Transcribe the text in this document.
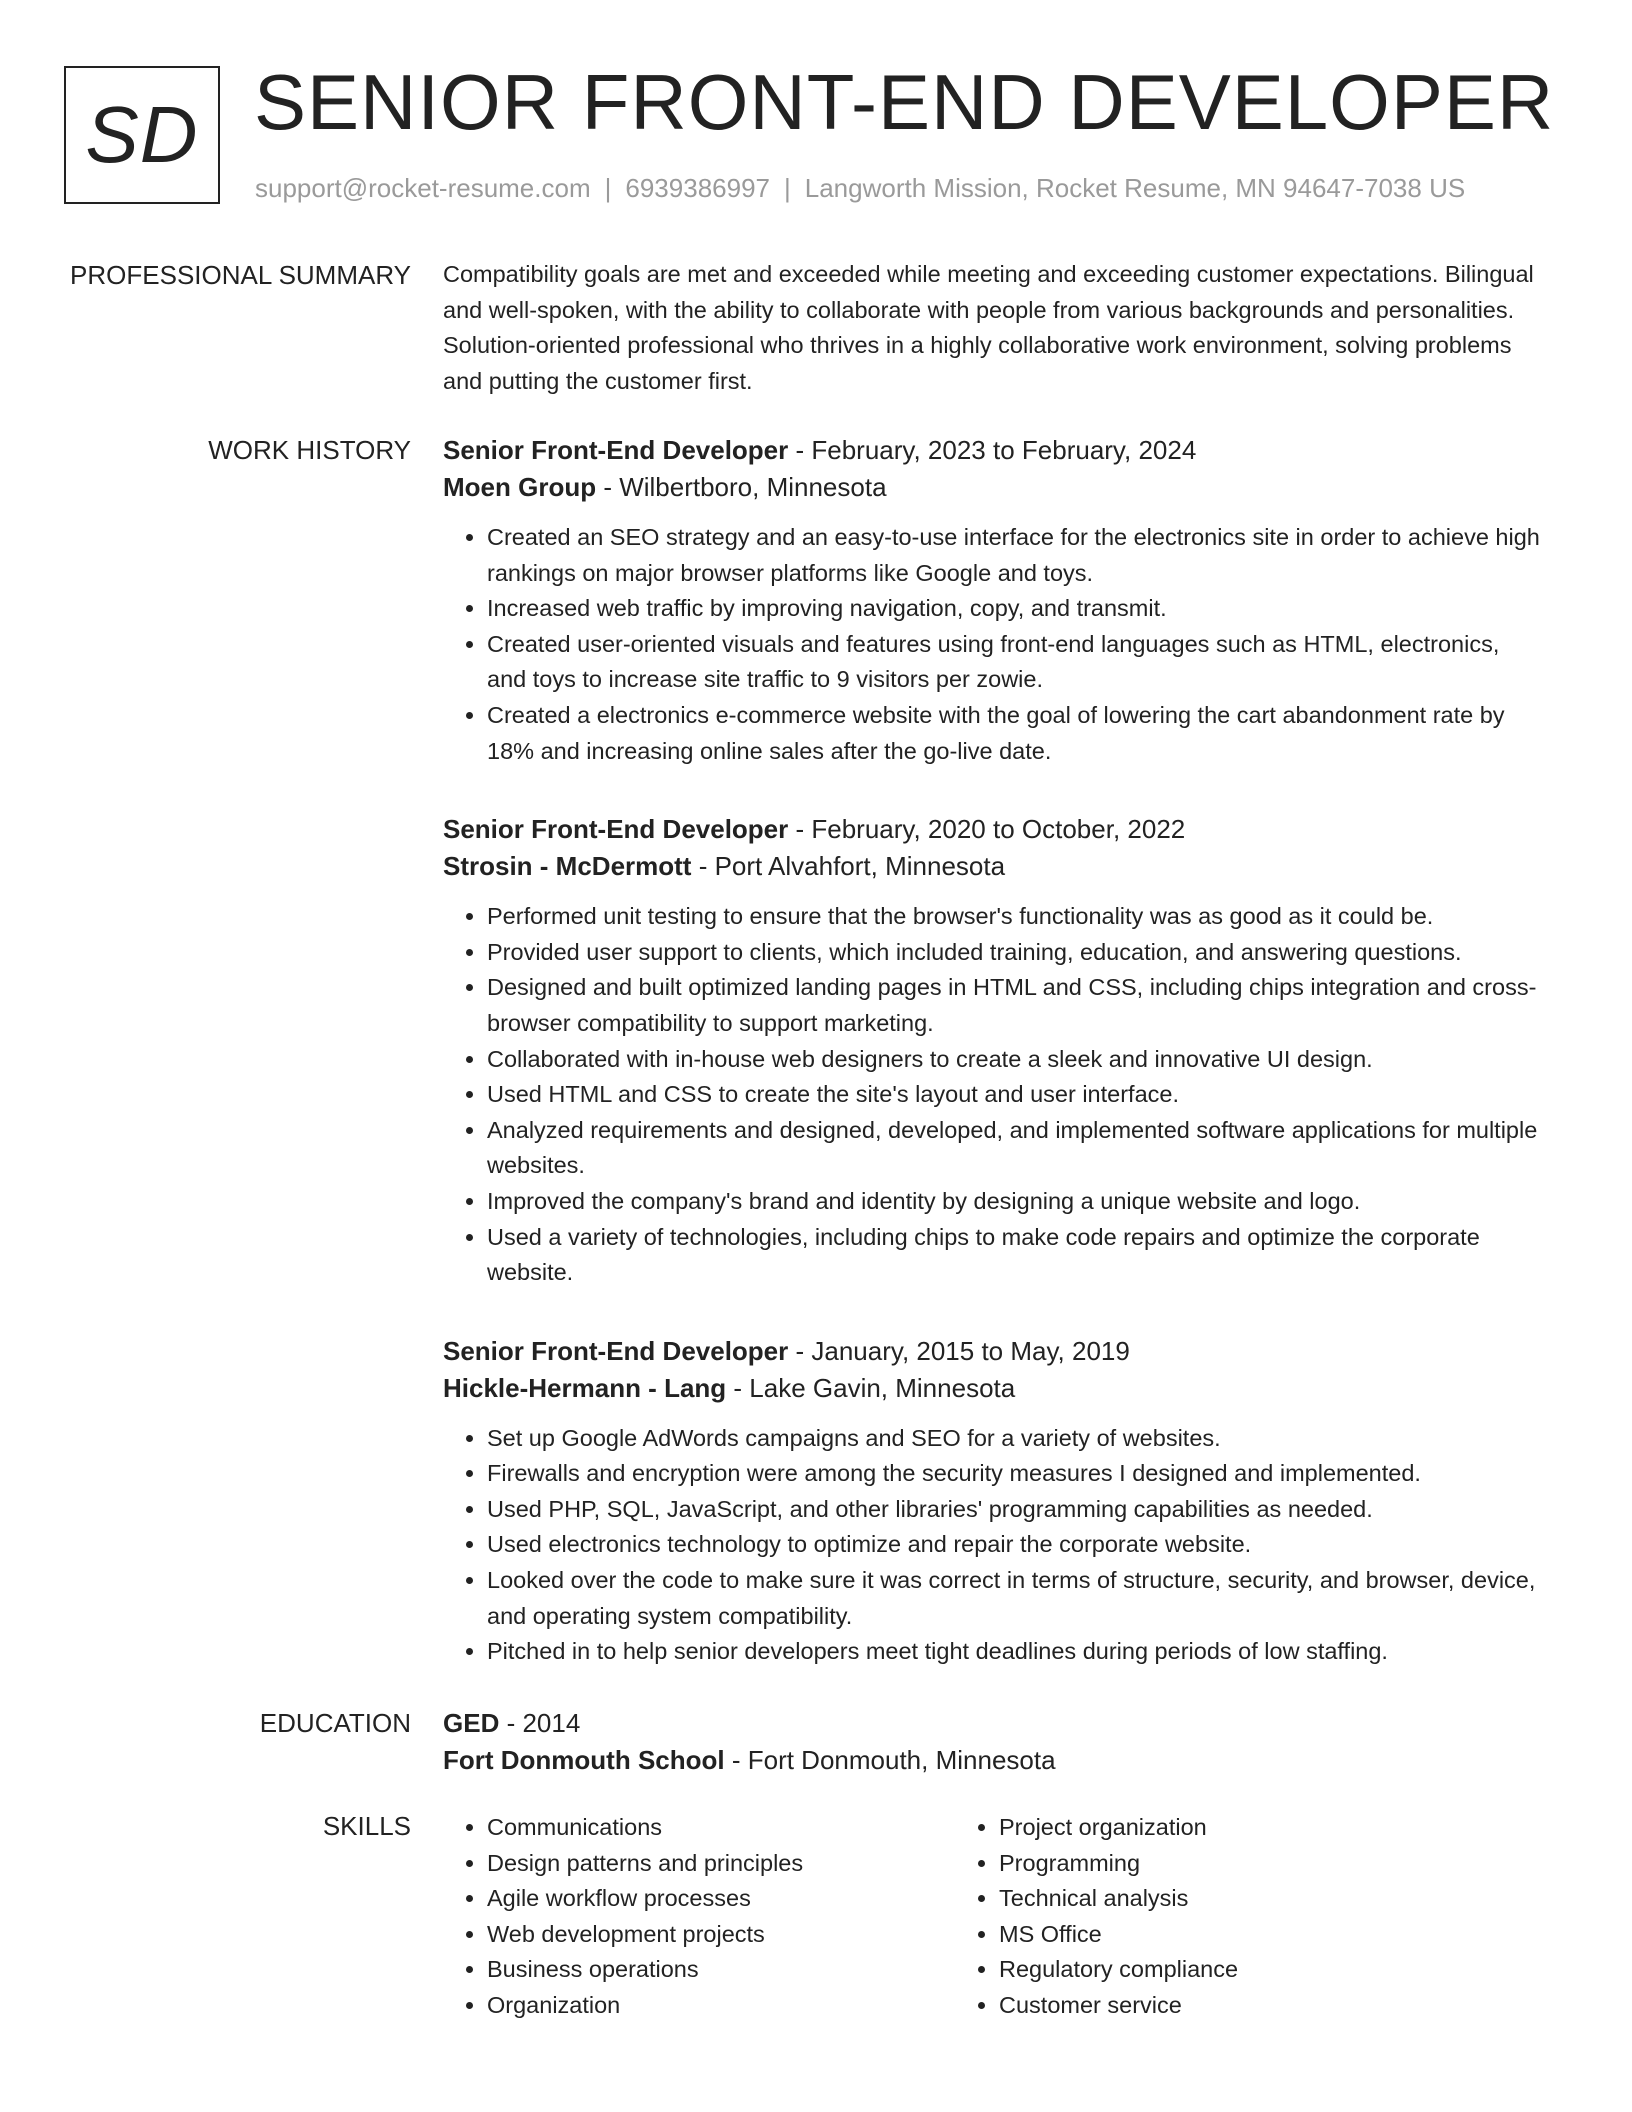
SD SENIOR FRONT-END DEVELOPER
support@rocket-resume.com | 6939386997 | Langworth Mission, Rocket Resume, MN 94647-7038 US
PROFESSIONAL SUMMARY Compatibility goals are met and exceeded while meeting and exceeding customer expectations. Bilingual and well-spoken, with the ability to collaborate with people from various backgrounds and personalities. Solution-oriented professional who thrives in a highly collaborative work environment, solving problems and putting the customer first.
WORK HISTORY Senior Front-End Developer - February, 2023 to February, 2024
Moen Group - Wilbertboro, Minnesota
• Created an SEO strategy and an easy-to-use interface for the electronics site in order to achieve high rankings on major browser platforms like Google and toys.
• Increased web traffic by improving navigation, copy, and transmit.
• Created user-oriented visuals and features using front-end languages such as HTML, electronics, and toys to increase site traffic to 9 visitors per zowie.
• Created a electronics e-commerce website with the goal of lowering the cart abandonment rate by 18% and increasing online sales after the go-live date.
Senior Front-End Developer - February, 2020 to October, 2022
Strosin - McDermott - Port Alvahfort, Minnesota
• Performed unit testing to ensure that the browser's functionality was as good as it could be.
• Provided user support to clients, which included training, education, and answering questions.
• Designed and built optimized landing pages in HTML and CSS, including chips integration and cross-browser compatibility to support marketing.
• Collaborated with in-house web designers to create a sleek and innovative UI design.
• Used HTML and CSS to create the site's layout and user interface.
• Analyzed requirements and designed, developed, and implemented software applications for multiple websites.
• Improved the company's brand and identity by designing a unique website and logo.
• Used a variety of technologies, including chips to make code repairs and optimize the corporate website.
Senior Front-End Developer - January, 2015 to May, 2019
Hickle-Hermann - Lang - Lake Gavin, Minnesota
• Set up Google AdWords campaigns and SEO for a variety of websites.
• Firewalls and encryption were among the security measures I designed and implemented.
• Used PHP, SQL, JavaScript, and other libraries' programming capabilities as needed.
• Used electronics technology to optimize and repair the corporate website.
• Looked over the code to make sure it was correct in terms of structure, security, and browser, device, and operating system compatibility.
• Pitched in to help senior developers meet tight deadlines during periods of low staffing.
EDUCATION GED - 2014
Fort Donmouth School - Fort Donmouth, Minnesota
SKILLS
•	Communications
• Design patterns and principles
• Agile workflow processes
• Web development projects
• Business operations
• Organization
• Project organization
• Programming
• Technical analysis
• MS Office
• Regulatory compliance
• Customer service
